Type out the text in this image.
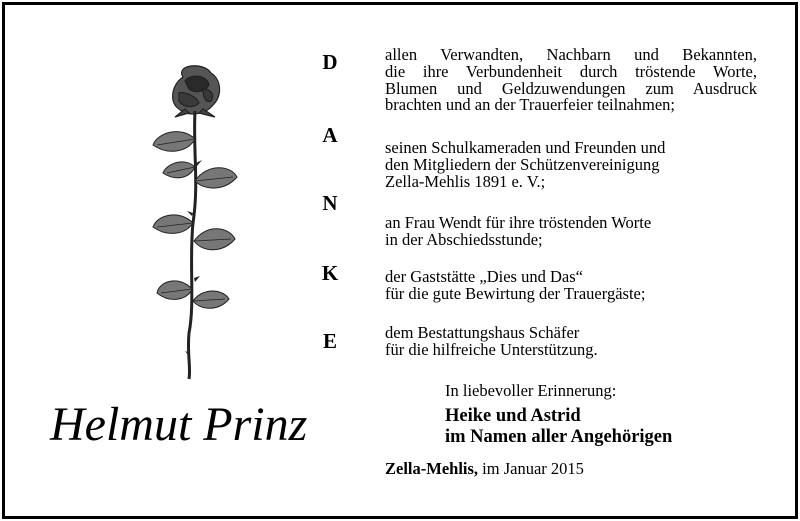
D
A
N
K
E
allen Verwandten, Nachbarn und Bekannten,
die ihre Verbundenheit durch tröstende Worte,
Blumen und Geldzuwendungen zum Ausdruck
brachten und an der Trauerfeier teilnahmen;
seinen Schulkameraden und Freunden und
den Mitgliedern der Schützenvereinigung
Zella-Mehlis 1891 e. V.;
an Frau Wendt für ihre tröstenden Worte
in der Abschiedsstunde;
der Gaststätte „Dies und Das“
für die gute Bewirtung der Trauergäste;
dem Bestattungshaus Schäfer
für die hilfreiche Unterstützung.
Helmut Prinz
In liebevoller Erinnerung:
Heike und Astrid
im Namen aller Angehörigen
Zella-Mehlis, im Januar 2015
